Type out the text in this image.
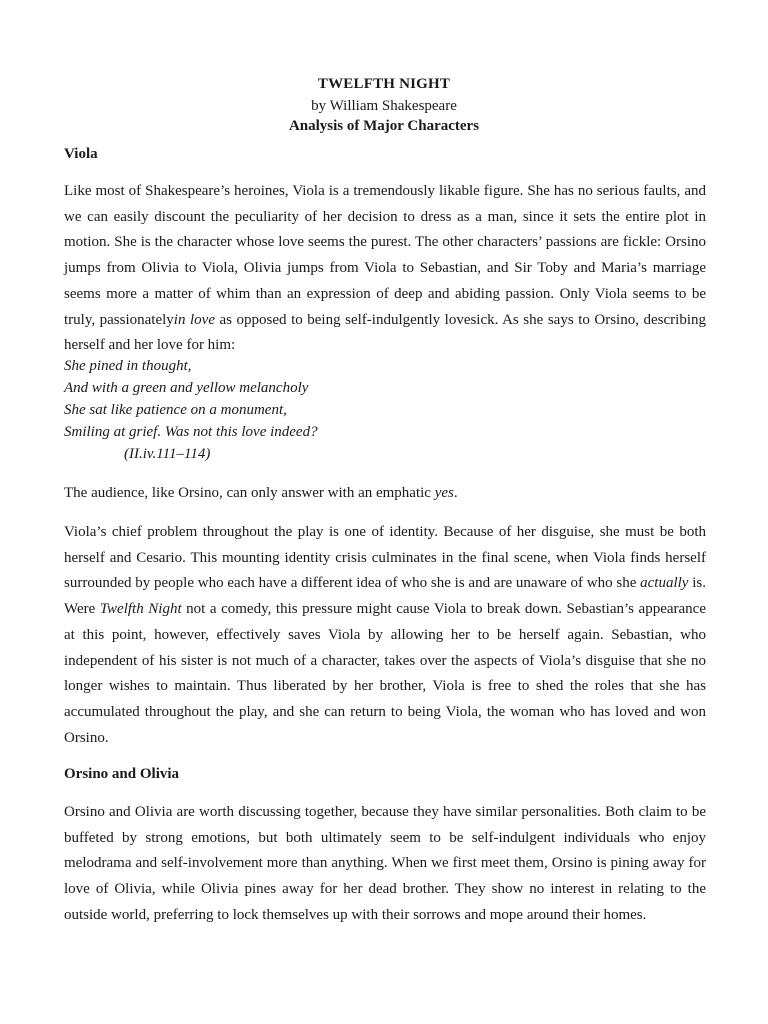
TWELFTH NIGHT
by William Shakespeare
Analysis of Major Characters
Viola
Like most of Shakespeare’s heroines, Viola is a tremendously likable figure. She has no serious faults, and we can easily discount the peculiarity of her decision to dress as a man, since it sets the entire plot in motion. She is the character whose love seems the purest. The other characters’ passions are fickle: Orsino jumps from Olivia to Viola, Olivia jumps from Viola to Sebastian, and Sir Toby and Maria’s marriage seems more a matter of whim than an expression of deep and abiding passion. Only Viola seems to be truly, passionatelyin love as opposed to being self-indulgently lovesick. As she says to Orsino, describing herself and her love for him:
She pined in thought,
And with a green and yellow melancholy
She sat like patience on a monument,
Smiling at grief. Was not this love indeed?
(II.iv.111–114)
The audience, like Orsino, can only answer with an emphatic yes.
Viola’s chief problem throughout the play is one of identity. Because of her disguise, she must be both herself and Cesario. This mounting identity crisis culminates in the final scene, when Viola finds herself surrounded by people who each have a different idea of who she is and are unaware of who she actually is. Were Twelfth Night not a comedy, this pressure might cause Viola to break down. Sebastian’s appearance at this point, however, effectively saves Viola by allowing her to be herself again. Sebastian, who independent of his sister is not much of a character, takes over the aspects of Viola’s disguise that she no longer wishes to maintain. Thus liberated by her brother, Viola is free to shed the roles that she has accumulated throughout the play, and she can return to being Viola, the woman who has loved and won Orsino.
Orsino and Olivia
Orsino and Olivia are worth discussing together, because they have similar personalities. Both claim to be buffeted by strong emotions, but both ultimately seem to be self-indulgent individuals who enjoy melodrama and self-involvement more than anything. When we first meet them, Orsino is pining away for love of Olivia, while Olivia pines away for her dead brother. They show no interest in relating to the outside world, preferring to lock themselves up with their sorrows and mope around their homes.
